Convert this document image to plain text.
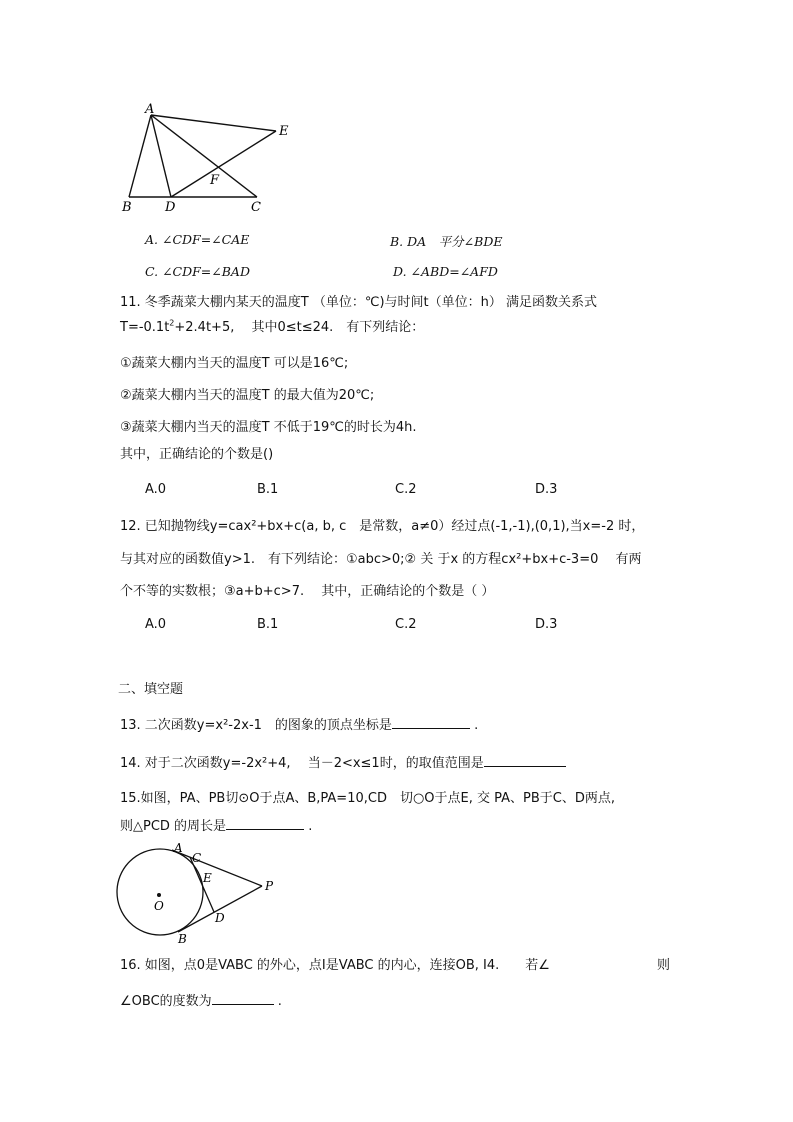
A
E
F
B	D	C
A. ∠CDF=∠CAE	B. DA　平分∠BDE
C. ∠CDF=∠BAD	D. ∠ABD=∠AFD
11. 冬季蔬菜大棚内某天的温度T （单位：℃)与时间t（单位：h） 满足函数关系式
$T=-0.1t^2+2.4t+5$,　 其中0≤t≤24.　有下列结论：
①蔬菜大棚内当天的温度T 可以是16℃;
②蔬菜大棚内当天的温度T 的最大值为20℃;
③蔬菜大棚内当天的温度T 不低于19℃的时长为4h.
其中，正确结论的个数是()
A.0	B.1	C.2	D.3
12. 已知抛物线y=cax²+bx+c(a, b, c　是常数，a≠0）经过点(-1,-1),(0,1),当x=-2 时，
与其对应的函数值y>1.　有下列结论：①abc>0;② 关 于x 的方程cx²+bx+c-3=0　 有两
个不等的实数根；③a+b+c>7.　 其中，正确结论的个数是（ ）
A.0	B.1	C.2	D.3
二、填空题
13. 二次函数y=x²-2x-1　的图象的顶点坐标是	.
14. 对于二次函数y=-2x²+4,　 当－2<x≤1时，的取值范围是
15.如图，PA、PB切⊙O于点A、B,PA=10,CD　切○O于点E, 交 PA、PB于C、D两点,
则△PCD 的周长是	.
A
C
E
P
O
D
B
16. 如图，点0是VABC 的外心，点I是VABC 的内心，连接OB, I4.　　若∠	则
∠OBC的度数为	.
